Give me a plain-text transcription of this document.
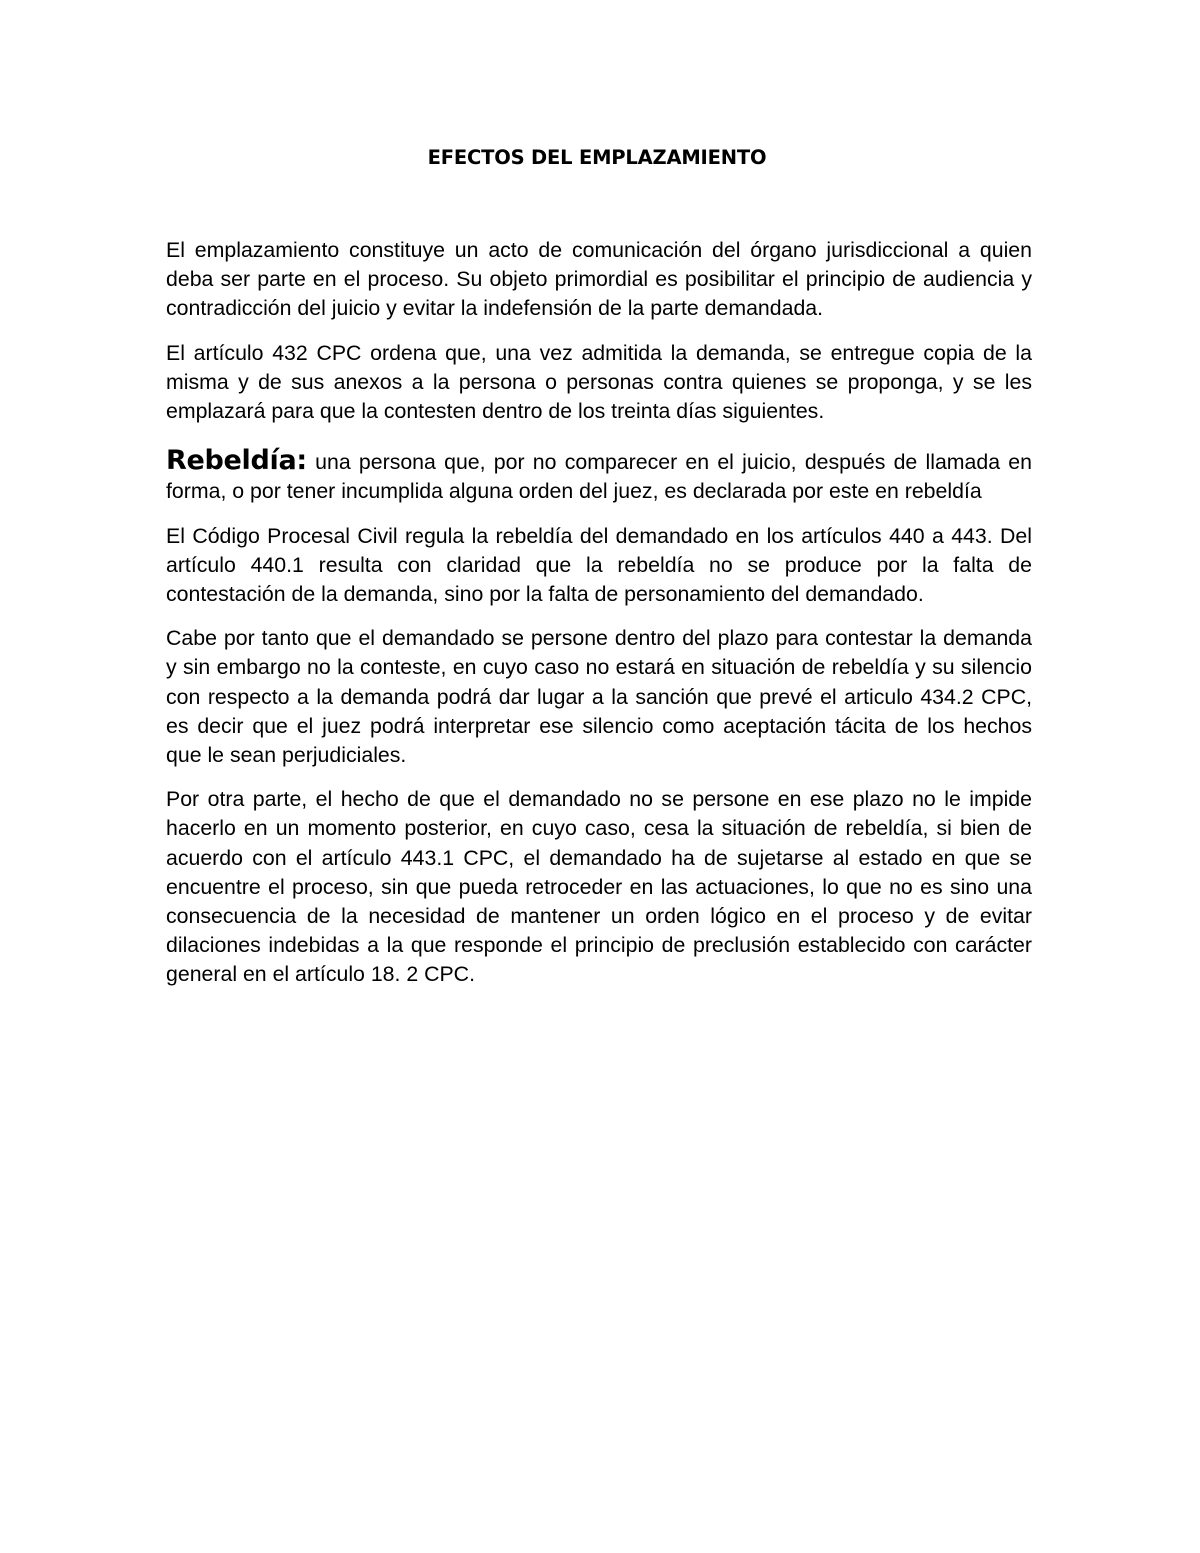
EFECTOS DEL EMPLAZAMIENTO

El emplazamiento constituye un acto de comunicación del órgano jurisdiccional a quien deba ser parte en el proceso. Su objeto primordial es posibilitar el principio de audiencia y contradicción del juicio y evitar la indefensión de la parte demandada.

El artículo 432 CPC ordena que, una vez admitida la demanda, se entregue copia de la misma y de sus anexos a la persona o personas contra quienes se proponga, y se les emplazará para que la contesten dentro de los treinta días siguientes.

Rebeldía: una persona que, por no comparecer en el juicio, después de llamada en forma, o por tener incumplida alguna orden del juez, es declarada por este en rebeldía

El Código Procesal Civil regula la rebeldía del demandado en los artículos 440 a 443. Del artículo 440.1 resulta con claridad que la rebeldía no se produce por la falta de contestación de la demanda, sino por la falta de personamiento del demandado.

Cabe por tanto que el demandado se persone dentro del plazo para contestar la demanda y sin embargo no la conteste, en cuyo caso no estará en situación de rebeldía y su silencio con respecto a la demanda podrá dar lugar a la sanción que prevé el articulo 434.2 CPC, es decir que el juez podrá interpretar ese silencio como aceptación tácita de los hechos que le sean perjudiciales.

Por otra parte, el hecho de que el demandado no se persone en ese plazo no le impide hacerlo en un momento posterior, en cuyo caso, cesa la situación de rebeldía, si bien de acuerdo con el artículo 443.1 CPC, el demandado ha de sujetarse al estado en que se encuentre el proceso, sin que pueda retroceder en las actuaciones, lo que no es sino una consecuencia de la necesidad de mantener un orden lógico en el proceso y de evitar dilaciones indebidas a la que responde el principio de preclusión establecido con carácter general en el artículo 18. 2 CPC.
